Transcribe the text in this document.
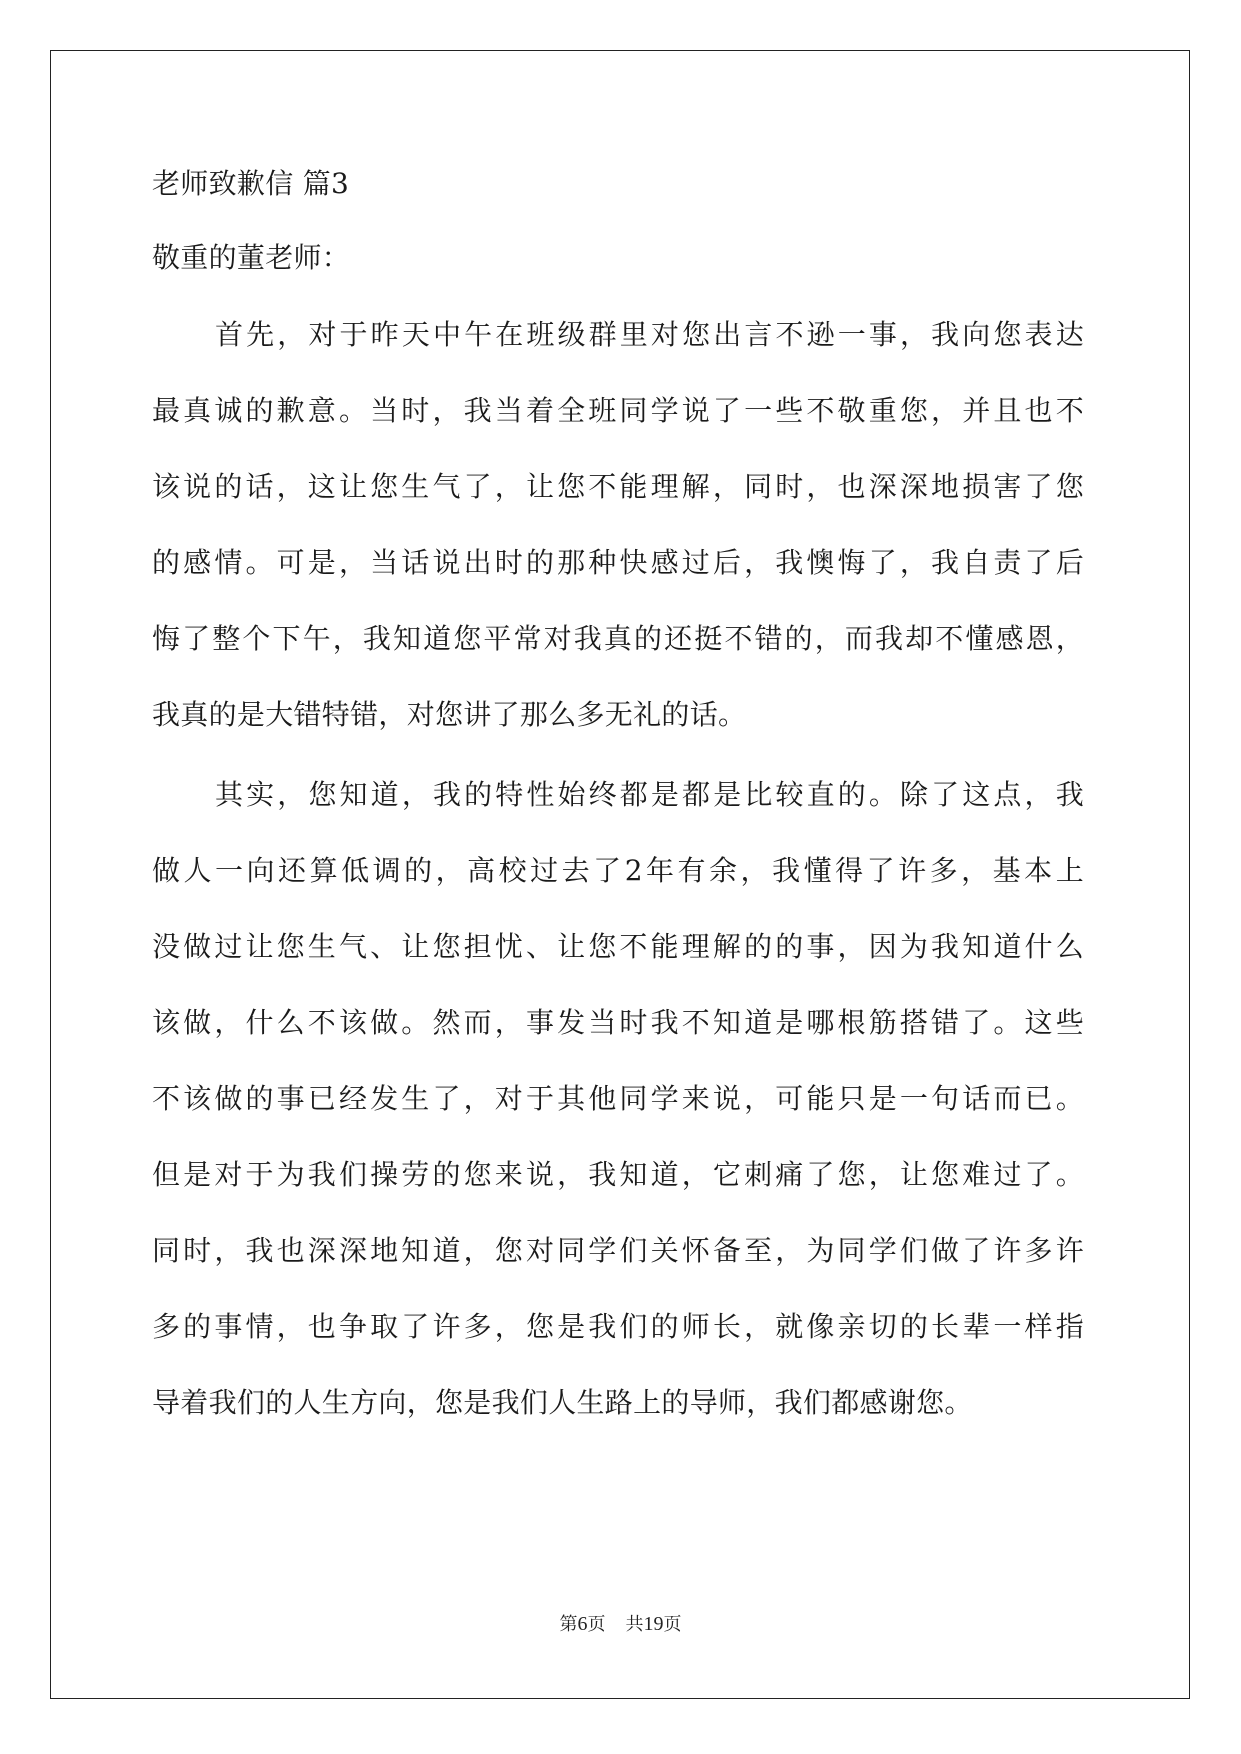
老师致歉信 篇3
敬重的董老师：
首先，对于昨天中午在班级群里对您出言不逊一事，我向您表达
最真诚的歉意。当时，我当着全班同学说了一些不敬重您，并且也不
该说的话，这让您生气了，让您不能理解，同时，也深深地损害了您
的感情。可是，当话说出时的那种快感过后，我懊悔了，我自责了后
悔了整个下午，我知道您平常对我真的还挺不错的，而我却不懂感恩，
我真的是大错特错，对您讲了那么多无礼的话。
其实，您知道，我的特性始终都是都是比较直的。除了这点，我
做人一向还算低调的，高校过去了2年有余，我懂得了许多，基本上
没做过让您生气、让您担忧、让您不能理解的的事，因为我知道什么
该做，什么不该做。然而，事发当时我不知道是哪根筋搭错了。这些
不该做的事已经发生了，对于其他同学来说，可能只是一句话而已。
但是对于为我们操劳的您来说，我知道，它刺痛了您，让您难过了。
同时，我也深深地知道，您对同学们关怀备至，为同学们做了许多许
多的事情，也争取了许多，您是我们的师长，就像亲切的长辈一样指
导着我们的人生方向，您是我们人生路上的导师，我们都感谢您。
第6页 共19页
